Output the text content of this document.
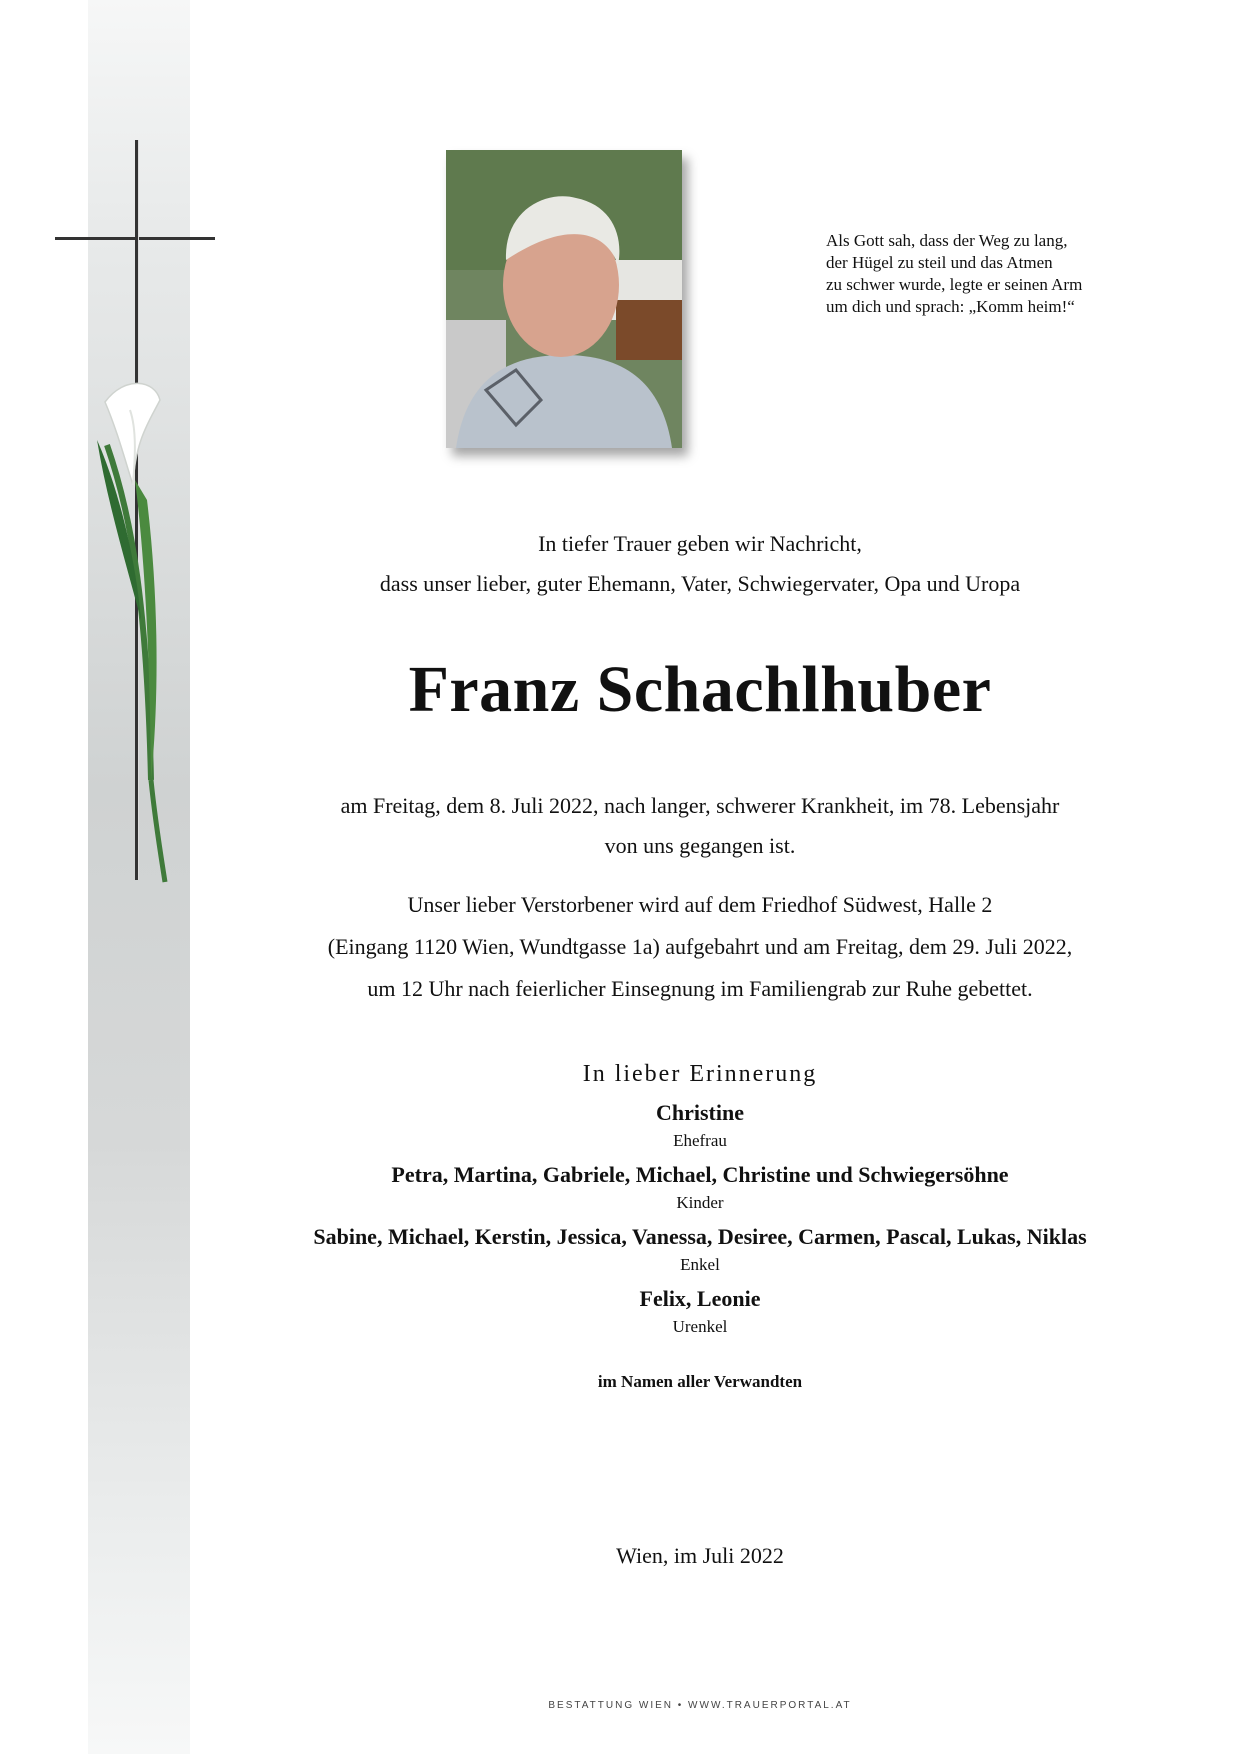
Als Gott sah, dass der Weg zu lang,
der Hügel zu steil und das Atmen
zu schwer wurde, legte er seinen Arm
um dich und sprach: „Komm heim!“
In tiefer Trauer geben wir Nachricht,
dass unser lieber, guter Ehemann, Vater, Schwiegervater, Opa und Uropa
Franz Schachlhuber
am Freitag, dem 8. Juli 2022, nach langer, schwerer Krankheit, im 78. Lebensjahr
von uns gegangen ist.
Unser lieber Verstorbener wird auf dem Friedhof Südwest, Halle 2
(Eingang 1120 Wien, Wundtgasse 1a) aufgebahrt und am Freitag, dem 29. Juli 2022,
um 12 Uhr nach feierlicher Einsegnung im Familiengrab zur Ruhe gebettet.
In lieber Erinnerung
Christine
Ehefrau
Petra, Martina, Gabriele, Michael, Christine und Schwiegersöhne
Kinder
Sabine, Michael, Kerstin, Jessica, Vanessa, Desiree, Carmen, Pascal, Lukas, Niklas
Enkel
Felix, Leonie
Urenkel
im Namen aller Verwandten
Wien, im Juli 2022
BESTATTUNG WIEN • WWW.TRAUERPORTAL.AT
